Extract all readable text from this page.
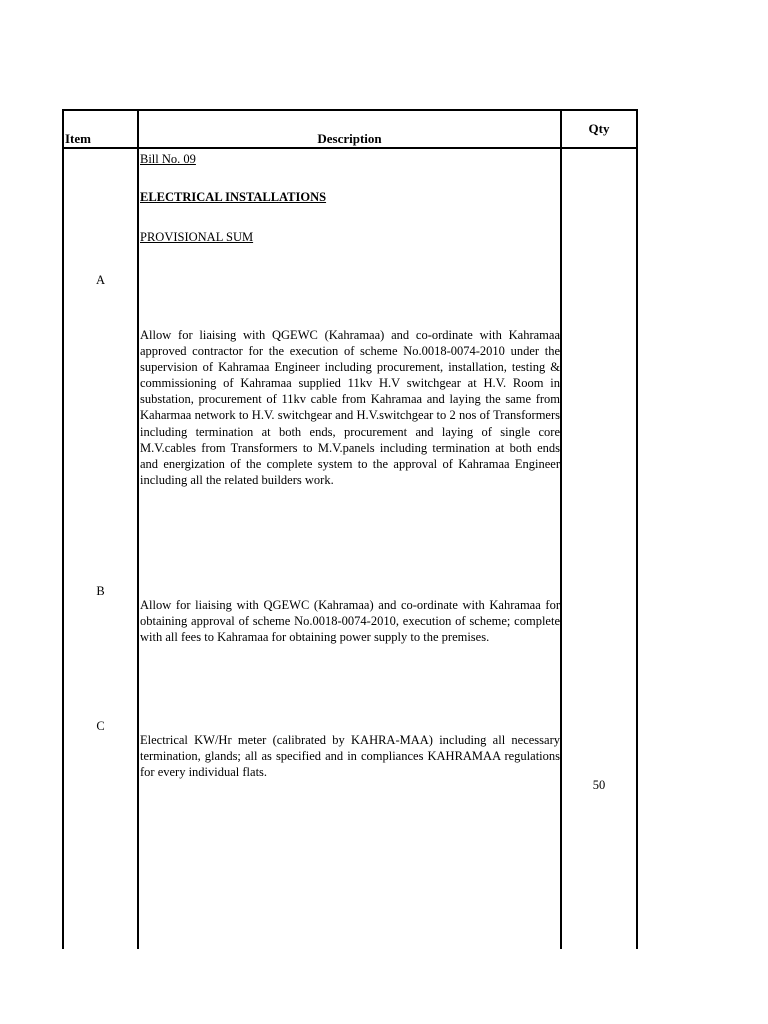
Item	Description
Qty
Bill No. 09
ELECTRICAL INSTALLATIONS
PROVISIONAL SUM
A
Allow for liaising with QGEWC (Kahramaa) and co-ordinate with Kahramaa approved contractor for the execution of scheme No.0018-0074-2010 under the supervision of Kahramaa Engineer including procurement, installation, testing & commissioning of Kahramaa supplied 11kv H.V switchgear at H.V. Room in substation, procurement of 11kv cable from Kahramaa and laying the same from Kaharmaa network to H.V. switchgear and H.V.switchgear to 2 nos of Transformers including termination at both ends, procurement and laying of single core M.V.cables from Transformers to M.V.panels including termination at both ends and energization of the complete system to the approval of Kahramaa Engineer including all the related builders work.
B
Allow for liaising with QGEWC (Kahramaa) and co-ordinate with Kahramaa for obtaining approval of scheme No.0018-0074-2010, execution of scheme; complete with all fees to Kahramaa for obtaining power supply to the premises.
C
Electrical KW/Hr meter (calibrated by KAHRA-MAA) including all necessary termination, glands; all as specified and in compliances KAHRAMAA regulations for every individual flats.
50
